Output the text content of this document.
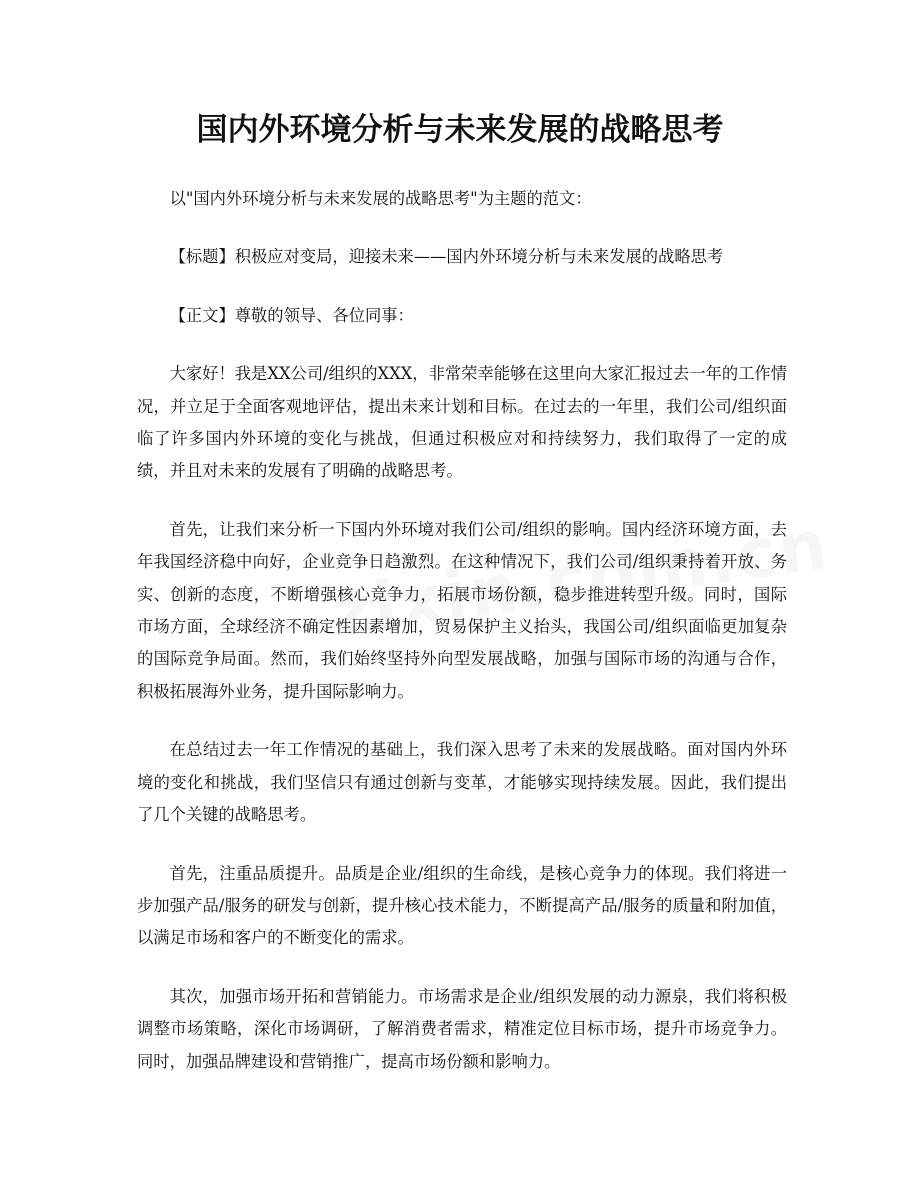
国内外环境分析与未来发展的战略思考

以"国内外环境分析与未来发展的战略思考"为主题的范文：

【标题】积极应对变局，迎接未来——国内外环境分析与未来发展的战略思考

【正文】尊敬的领导、各位同事：

大家好！我是XX公司/组织的XXX，非常荣幸能够在这里向大家汇报过去一年的工作情况，并立足于全面客观地评估，提出未来计划和目标。在过去的一年里，我们公司/组织面临了许多国内外环境的变化与挑战，但通过积极应对和持续努力，我们取得了一定的成绩，并且对未来的发展有了明确的战略思考。

首先，让我们来分析一下国内外环境对我们公司/组织的影响。国内经济环境方面，去年我国经济稳中向好，企业竞争日趋激烈。在这种情况下，我们公司/组织秉持着开放、务实、创新的态度，不断增强核心竞争力，拓展市场份额，稳步推进转型升级。同时，国际市场方面，全球经济不确定性因素增加，贸易保护主义抬头，我国公司/组织面临更加复杂的国际竞争局面。然而，我们始终坚持外向型发展战略，加强与国际市场的沟通与合作，积极拓展海外业务，提升国际影响力。

在总结过去一年工作情况的基础上，我们深入思考了未来的发展战略。面对国内外环境的变化和挑战，我们坚信只有通过创新与变革，才能够实现持续发展。因此，我们提出了几个关键的战略思考。

首先，注重品质提升。品质是企业/组织的生命线，是核心竞争力的体现。我们将进一步加强产品/服务的研发与创新，提升核心技术能力，不断提高产品/服务的质量和附加值，以满足市场和客户的不断变化的需求。

其次，加强市场开拓和营销能力。市场需求是企业/组织发展的动力源泉，我们将积极调整市场策略，深化市场调研，了解消费者需求，精准定位目标市场，提升市场竞争力。同时，加强品牌建设和营销推广，提高市场份额和影响力。
